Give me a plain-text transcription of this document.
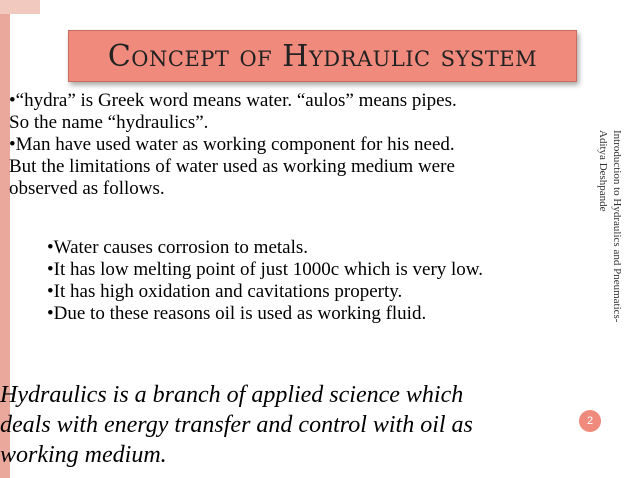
Concept of Hydraulic system

•“hydra” is Greek word means water. “aulos” means pipes.

So the name “hydraulics”.

•Man have used water as working component for his need.

But the limitations of water used as working medium were

observed as follows.

•Water causes corrosion to metals.

•It has low melting point of just 1000c which is very low.

•It has high oxidation and cavitations property.

•Due to these reasons oil is used as working fluid.

Hydraulics is a branch of applied science which
deals with energy transfer and control with oil as
working medium.
Introduction to Hydraulics and Pneumatics- Aditya Deshpande
2
